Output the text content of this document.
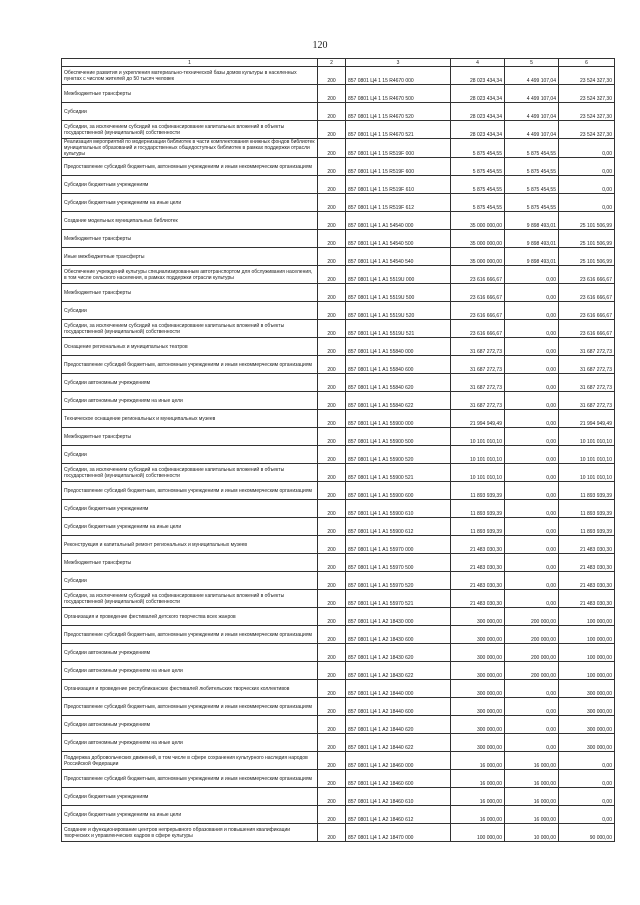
120
1	2	3	4	5	6
Обеспечение развития и укрепления материально-технической базы домов культуры в населенных пунктах с числом жителей до 50 тысяч человек	200	857 0801 Ц4 1 15 R4670 000	28 023 434,34	4 499 107,04	23 524 327,30
Межбюджетные трансферты	200	857 0801 Ц4 1 15 R4670 500	28 023 434,34	4 499 107,04	23 524 327,30
Субсидии	200	857 0801 Ц4 1 15 R4670 520	28 023 434,34	4 499 107,04	23 524 327,30
Субсидии, за исключением субсидий на софинансирование капитальных вложений в объекты государственной (муниципальной) собственности	200	857 0801 Ц4 1 15 R4670 521	28 023 434,34	4 499 107,04	23 524 327,30
Реализация мероприятий по модернизации библиотек в части комплектования книжных фондов библиотек муниципальных образований и государственных общедоступных библиотек в рамках поддержки отрасли культуры	200	857 0801 Ц4 1 15 R519F 000	5 875 454,55	5 875 454,55	0,00
Предоставление субсидий бюджетным, автономным учреждениям и иным некоммерческим организациям	200	857 0801 Ц4 1 15 R519F 600	5 875 454,55	5 875 454,55	0,00
Субсидии бюджетным учреждениям	200	857 0801 Ц4 1 15 R519F 610	5 875 454,55	5 875 454,55	0,00
Субсидии бюджетным учреждениям на иные цели	200	857 0801 Ц4 1 15 R519F 612	5 875 454,55	5 875 454,55	0,00
Создание модельных муниципальных библиотек	200	857 0801 Ц4 1 А1 54540 000	35 000 000,00	9 898 493,01	25 101 506,99
Межбюджетные трансферты	200	857 0801 Ц4 1 А1 54540 500	35 000 000,00	9 898 493,01	25 101 506,99
Иные межбюджетные трансферты	200	857 0801 Ц4 1 А1 54540 540	35 000 000,00	9 898 493,01	25 101 506,99
Обеспечение учреждений культуры специализированным автотранспортом для обслуживания населения, в том числе сельского населения, в рамках поддержки отрасли культуры	200	857 0801 Ц4 1 А1 5519U 000	23 616 666,67	0,00	23 616 666,67
Межбюджетные трансферты	200	857 0801 Ц4 1 А1 5519U 500	23 616 666,67	0,00	23 616 666,67
Субсидии	200	857 0801 Ц4 1 А1 5519U 520	23 616 666,67	0,00	23 616 666,67
Субсидии, за исключением субсидий на софинансирование капитальных вложений в объекты государственной (муниципальной) собственности	200	857 0801 Ц4 1 А1 5519U 521	23 616 666,67	0,00	23 616 666,67
Оснащение региональных и муниципальных театров	200	857 0801 Ц4 1 А1 55840 000	31 687 272,73	0,00	31 687 272,73
Предоставление субсидий бюджетным, автономным учреждениям и иным некоммерческим организациям	200	857 0801 Ц4 1 А1 55840 600	31 687 272,73	0,00	31 687 272,73
Субсидии автономным учреждениям	200	857 0801 Ц4 1 А1 55840 620	31 687 272,73	0,00	31 687 272,73
Субсидии автономным учреждениям на иные цели	200	857 0801 Ц4 1 А1 55840 622	31 687 272,73	0,00	31 687 272,73
Техническое оснащение региональных и муниципальных музеев	200	857 0801 Ц4 1 А1 55900 000	21 994 949,49	0,00	21 994 949,49
Межбюджетные трансферты	200	857 0801 Ц4 1 А1 55900 500	10 101 010,10	0,00	10 101 010,10
Субсидии	200	857 0801 Ц4 1 А1 55900 520	10 101 010,10	0,00	10 101 010,10
Субсидии, за исключением субсидий на софинансирование капитальных вложений в объекты государственной (муниципальной) собственности	200	857 0801 Ц4 1 А1 55900 521	10 101 010,10	0,00	10 101 010,10
Предоставление субсидий бюджетным, автономным учреждениям и иным некоммерческим организациям	200	857 0801 Ц4 1 А1 55900 600	11 893 939,39	0,00	11 893 939,39
Субсидии бюджетным учреждениям	200	857 0801 Ц4 1 А1 55900 610	11 893 939,39	0,00	11 893 939,39
Субсидии бюджетным учреждениям на иные цели	200	857 0801 Ц4 1 А1 55900 612	11 893 939,39	0,00	11 893 939,39
Реконструкция и капитальный ремонт региональных и муниципальных музеев	200	857 0801 Ц4 1 А1 55970 000	21 483 030,30	0,00	21 483 030,30
Межбюджетные трансферты	200	857 0801 Ц4 1 А1 55970 500	21 483 030,30	0,00	21 483 030,30
Субсидии	200	857 0801 Ц4 1 А1 55970 520	21 483 030,30	0,00	21 483 030,30
Субсидии, за исключением субсидий на софинансирование капитальных вложений в объекты государственной (муниципальной) собственности	200	857 0801 Ц4 1 А1 55970 521	21 483 030,30	0,00	21 483 030,30
Организация и проведение фестивалей детского творчества всех жанров	200	857 0801 Ц4 1 А2 18430 000	300 000,00	200 000,00	100 000,00
Предоставление субсидий бюджетным, автономным учреждениям и иным некоммерческим организациям	200	857 0801 Ц4 1 А2 18430 600	300 000,00	200 000,00	100 000,00
Субсидии автономным учреждениям	200	857 0801 Ц4 1 А2 18430 620	300 000,00	200 000,00	100 000,00
Субсидии автономным учреждениям на иные цели	200	857 0801 Ц4 1 А2 18430 622	300 000,00	200 000,00	100 000,00
Организация и проведение республиканских фестивалей любительских творческих коллективов	200	857 0801 Ц4 1 А2 18440 000	300 000,00	0,00	300 000,00
Предоставление субсидий бюджетным, автономным учреждениям и иным некоммерческим организациям	200	857 0801 Ц4 1 А2 18440 600	300 000,00	0,00	300 000,00
Субсидии автономным учреждениям	200	857 0801 Ц4 1 А2 18440 620	300 000,00	0,00	300 000,00
Субсидии автономным учреждениям на иные цели	200	857 0801 Ц4 1 А2 18440 622	300 000,00	0,00	300 000,00
Поддержка добровольческих движений, в том числе в сфере сохранения культурного наследия народов Российской Федерации	200	857 0801 Ц4 1 А2 18460 000	16 000,00	16 000,00	0,00
Предоставление субсидий бюджетным, автономным учреждениям и иным некоммерческим организациям	200	857 0801 Ц4 1 А2 18460 600	16 000,00	16 000,00	0,00
Субсидии бюджетным учреждениям	200	857 0801 Ц4 1 А2 18460 610	16 000,00	16 000,00	0,00
Субсидии бюджетным учреждениям на иные цели	200	857 0801 Ц4 1 А2 18460 612	16 000,00	16 000,00	0,00
Создание и функционирование центров непрерывного образования и повышения квалификации творческих и управленческих кадров в сфере культуры	200	857 0801 Ц4 1 А2 18470 000	100 000,00	10 000,00	90 000,00
